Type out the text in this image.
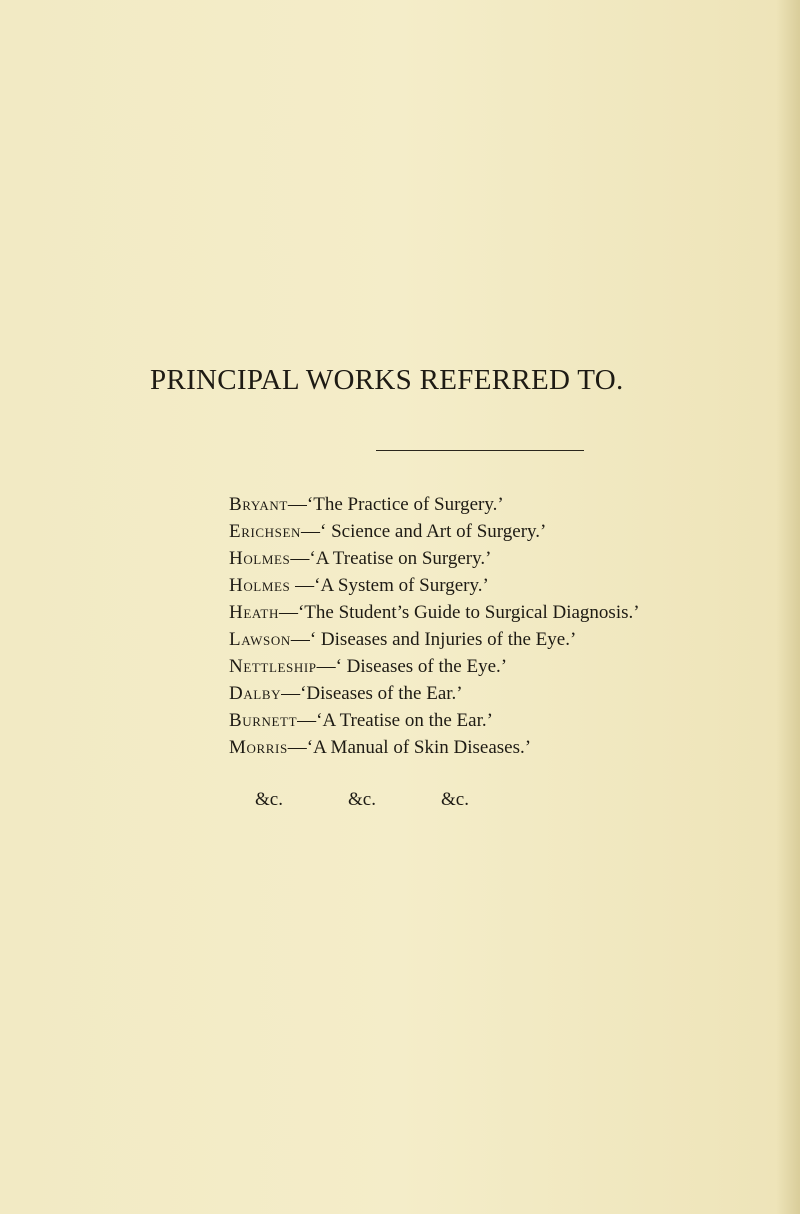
PRINCIPAL WORKS REFERRED TO.
Bryant—‘The Practice of Surgery.’
Erichsen—‘ Science and Art of Surgery.’
Holmes—‘A Treatise on Surgery.’
Holmes —‘A System of Surgery.’
Heath—‘The Student’s Guide to Surgical Diagnosis.’
Lawson—‘ Diseases and Injuries of the Eye.’
Nettleship—‘ Diseases of the Eye.’
Dalby—‘Diseases of the Ear.’
Burnett—‘A Treatise on the Ear.’
Morris—‘A Manual of Skin Diseases.’
&c.	&c.	&c.
